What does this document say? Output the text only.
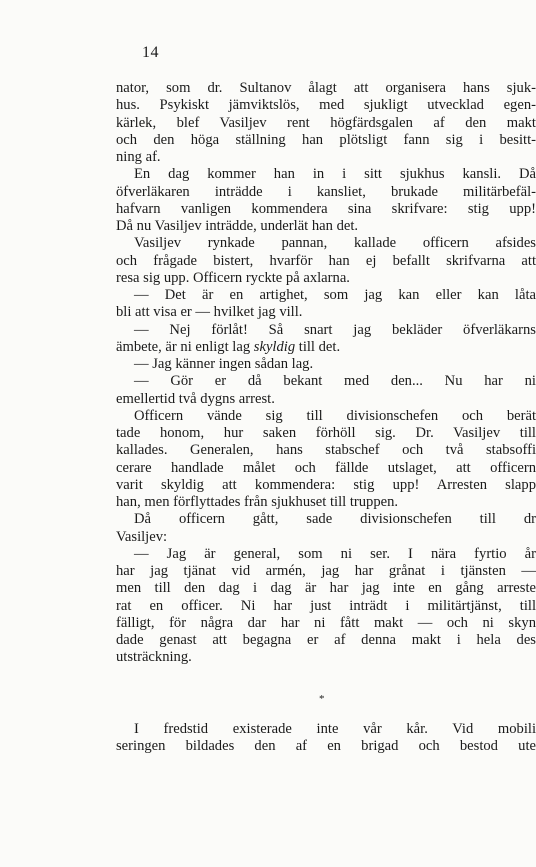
14
nator, som dr. Sultanov ålagt att organisera hans sjuk-
hus. Psykiskt jämviktslös, med sjukligt utvecklad egen-
kärlek, blef Vasiljev rent högfärdsgalen af den makt
och den höga ställning han plötsligt fann sig i besitt-
ning af.
En dag kommer han in i sitt sjukhus kansli. Då
öfverläkaren inträdde i kansliet, brukade militärbefäl-
hafvarn vanligen kommendera sina skrifvare: stig upp!
Då nu Vasiljev inträdde, underlät han det.
Vasiljev rynkade pannan, kallade officern afsides
och frågade bistert, hvarför han ej befallt skrifvarna att
resa sig upp. Officern ryckte på axlarna.
— Det är en artighet, som jag kan eller kan låta
bli att visa er — hvilket jag vill.
— Nej förlåt! Så snart jag bekläder öfverläkarns
ämbete, är ni enligt lag skyldig till det.
— Jag känner ingen sådan lag.
— Gör er då bekant med den... Nu har ni
emellertid två dygns arrest.
Officern vände sig till divisionschefen och berät
tade honom, hur saken förhöll sig. Dr. Vasiljev till
kallades. Generalen, hans stabschef och två stabsoffi
cerare handlade målet och fällde utslaget, att officern
varit skyldig att kommendera: stig upp! Arresten slapp
han, men förflyttades från sjukhuset till truppen.
Då officern gått, sade divisionschefen till dr
Vasiljev:
— Jag är general, som ni ser. I nära fyrtio år
har jag tjänat vid armén, jag har grånat i tjänsten —
men till den dag i dag är har jag inte en gång arreste
rat en officer. Ni har just inträdt i militärtjänst, till
fälligt, för några dar har ni fått makt — och ni skyn
dade genast att begagna er af denna makt i hela des
utsträckning.
*
I fredstid existerade inte vår kår. Vid mobili
seringen bildades den af en brigad och bestod ute
